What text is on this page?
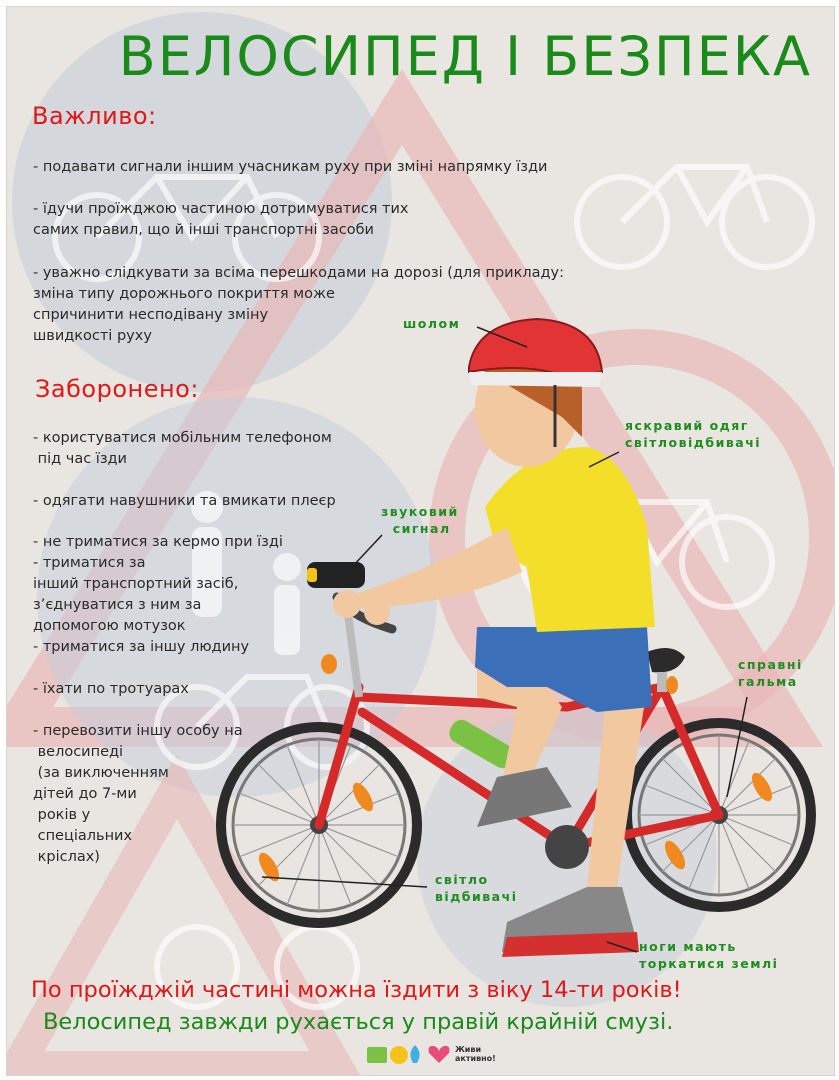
ВЕЛОСИПЕД І БЕЗПЕКА
Важливо:
- подавати сигнали іншим учасникам руху при зміні напрямку їзди
- їдучи проїжджою частиною дотримуватися тих
самих правил, що й інші транспортні засоби
- уважно слідкувати за всіма перешкодами на дорозі (для прикладу:
зміна типу дорожнього покриття може
спричинити несподівану зміну
швидкості руху
Заборонено:
- користуватися мобільним телефоном
під час їзди
- одягати навушники та вмикати плеєр
- не триматися за кермо при їзді
- триматися за
інший транспортний засіб,
з’єднуватися з ним за
допомогою мотузок
- триматися за іншу людину
- їхати по тротуарах
- перевозити іншу особу на
велосипеді
(за виключенням
дітей до 7-ми
років у
спеціальних
кріслах)
шолом
яскравий одяг
світловідбивачі
звуковий
сигнал
справні
гальма
світло
відбивачі
ноги мають
торкатися землі
По проїжджій частині можна їздити з віку 14-ти років!
Велосипед завжди рухається у правій крайній смузі.
Живи
активно!
